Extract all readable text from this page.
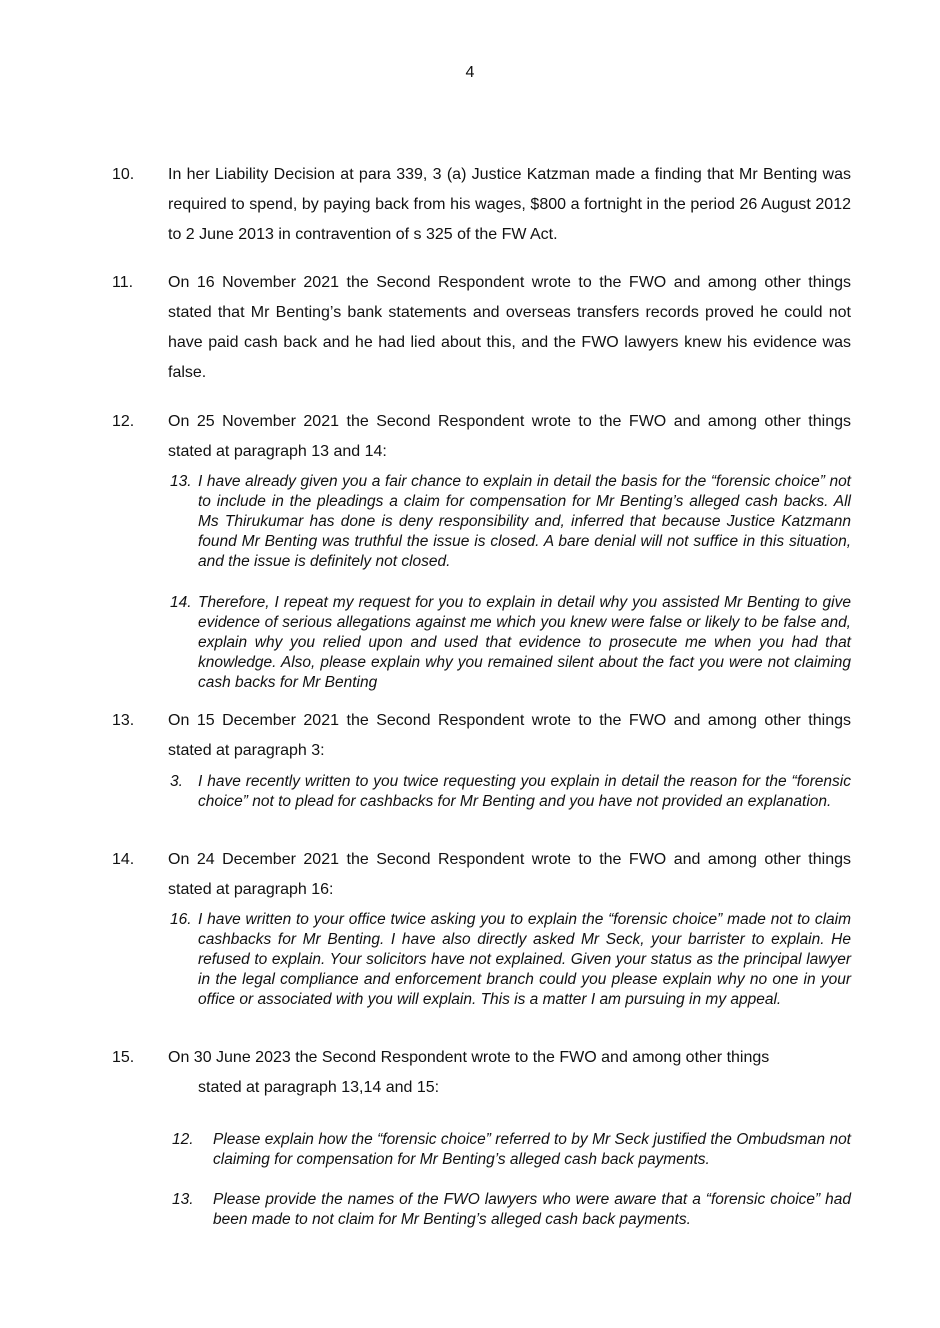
4
10. In her Liability Decision at para 339, 3 (a) Justice Katzman made a finding that Mr Benting was required to spend, by paying back from his wages, $800 a fortnight in the period 26 August 2012 to 2 June 2013 in contravention of s 325 of the FW Act.
11. On 16 November 2021 the Second Respondent wrote to the FWO and among other things stated that Mr Benting’s bank statements and overseas transfers records proved he could not have paid cash back and he had lied about this, and the FWO lawyers knew his evidence was false.
12. On 25 November 2021 the Second Respondent wrote to the FWO and among other things stated at paragraph 13 and 14:
13. I have already given you a fair chance to explain in detail the basis for the “forensic choice” not to include in the pleadings a claim for compensation for Mr Benting’s alleged cash backs. All Ms Thirukumar has done is deny responsibility and, inferred that because Justice Katzmann found Mr Benting was truthful the issue is closed. A bare denial will not suffice in this situation, and the issue is definitely not closed.
14. Therefore, I repeat my request for you to explain in detail why you assisted Mr Benting to give evidence of serious allegations against me which you knew were false or likely to be false and, explain why you relied upon and used that evidence to prosecute me when you had that knowledge. Also, please explain why you remained silent about the fact you were not claiming cash backs for Mr Benting
13. On 15 December 2021 the Second Respondent wrote to the FWO and among other things stated at paragraph 3:
3. I have recently written to you twice requesting you explain in detail the reason for the “forensic choice” not to plead for cashbacks for Mr Benting and you have not provided an explanation.
14. On 24 December 2021 the Second Respondent wrote to the FWO and among other things stated at paragraph 16:
16. I have written to your office twice asking you to explain the “forensic choice” made not to claim cashbacks for Mr Benting. I have also directly asked Mr Seck, your barrister to explain. He refused to explain. Your solicitors have not explained. Given your status as the principal lawyer in the legal compliance and enforcement branch could you please explain why no one in your office or associated with you will explain. This is a matter I am pursuing in my appeal.
15. On 30 June 2023 the Second Respondent wrote to the FWO and among other things
stated at paragraph 13,14 and 15:
12. Please explain how the “forensic choice” referred to by Mr Seck justified the Ombudsman not claiming for compensation for Mr Benting’s alleged cash back payments.
13. Please provide the names of the FWO lawyers who were aware that a “forensic choice” had been made to not claim for Mr Benting’s alleged cash back payments.
